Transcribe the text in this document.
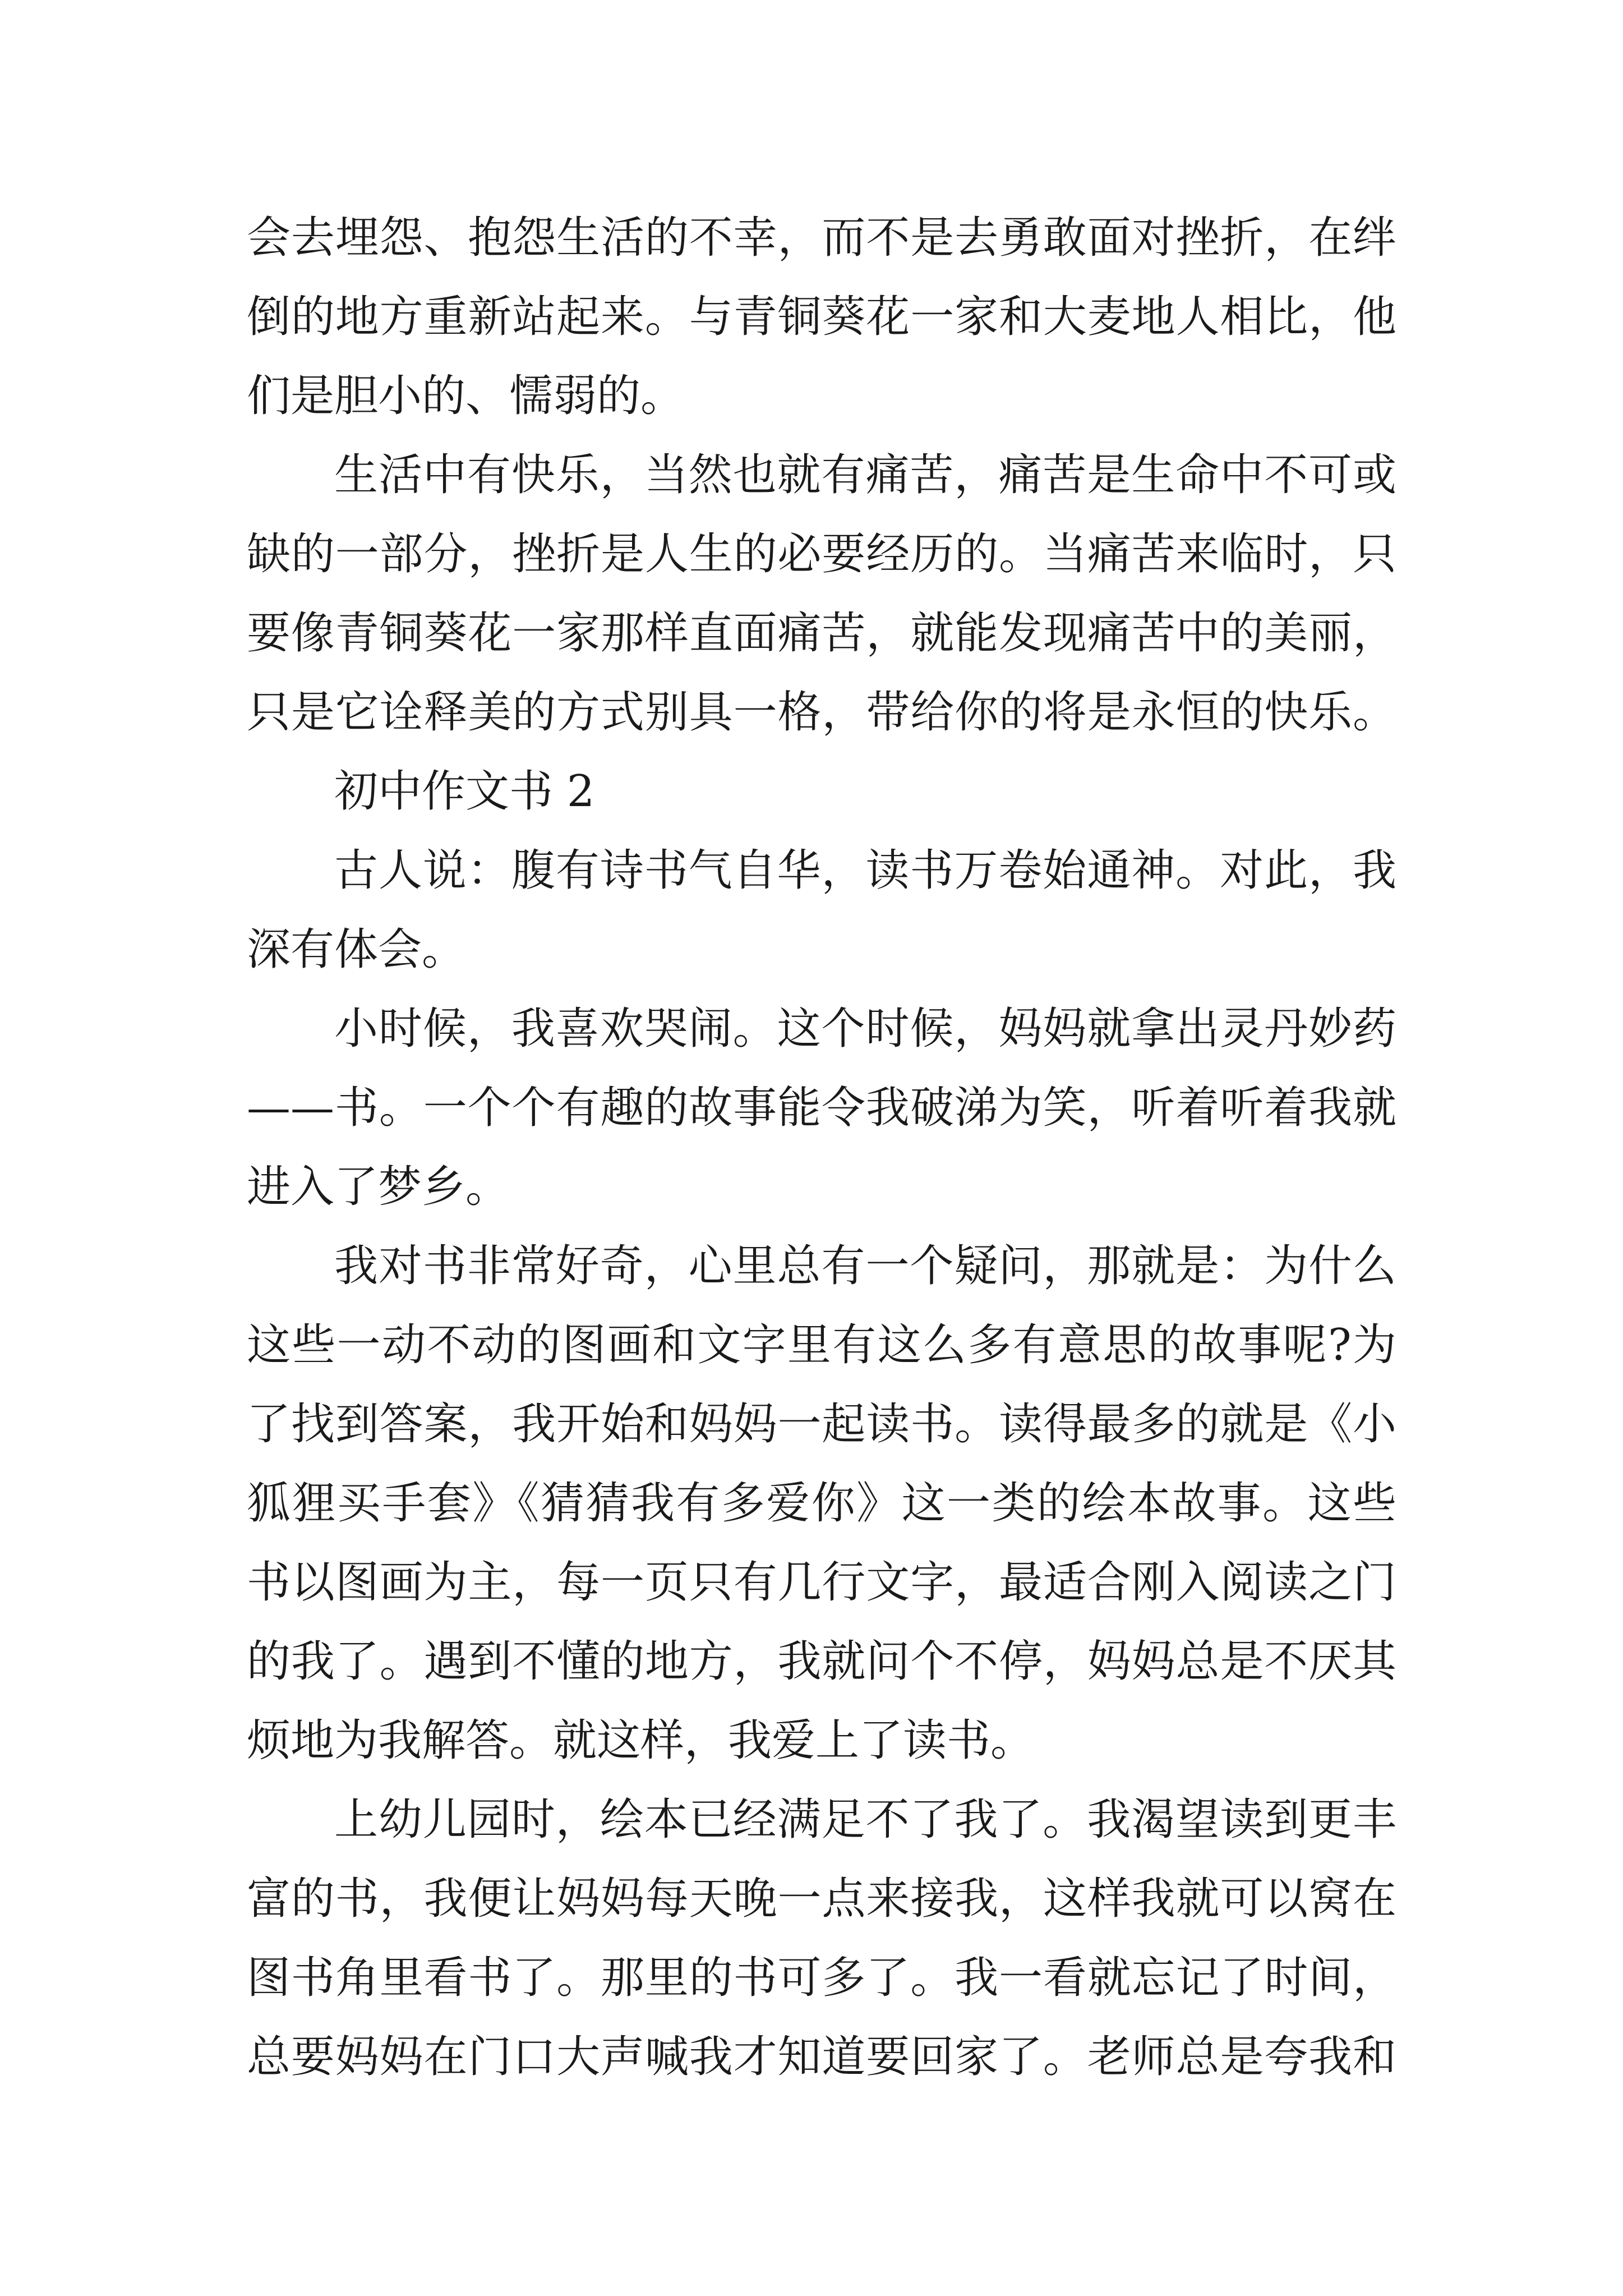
会去埋怨、抱怨生活的不幸，而不是去勇敢面对挫折，在绊
倒的地方重新站起来。与青铜葵花一家和大麦地人相比，他
们是胆小的、懦弱的。
生活中有快乐，当然也就有痛苦，痛苦是生命中不可或
缺的一部分，挫折是人生的必要经历的。当痛苦来临时，只
要像青铜葵花一家那样直面痛苦，就能发现痛苦中的美丽，
只是它诠释美的方式别具一格，带给你的将是永恒的快乐。
初中作文书 2
古人说：腹有诗书气自华，读书万卷始通神。对此，我
深有体会。
小时候，我喜欢哭闹。这个时候，妈妈就拿出灵丹妙药
——书。一个个有趣的故事能令我破涕为笑，听着听着我就
进入了梦乡。
我对书非常好奇，心里总有一个疑问，那就是：为什么
这些一动不动的图画和文字里有这么多有意思的故事呢?为
了找到答案，我开始和妈妈一起读书。读得最多的就是《小
狐狸买手套》《猜猜我有多爱你》这一类的绘本故事。这些
书以图画为主，每一页只有几行文字，最适合刚入阅读之门
的我了。遇到不懂的地方，我就问个不停，妈妈总是不厌其
烦地为我解答。就这样，我爱上了读书。
上幼儿园时，绘本已经满足不了我了。我渴望读到更丰
富的书，我便让妈妈每天晚一点来接我，这样我就可以窝在
图书角里看书了。那里的书可多了。我一看就忘记了时间，
总要妈妈在门口大声喊我才知道要回家了。老师总是夸我和
